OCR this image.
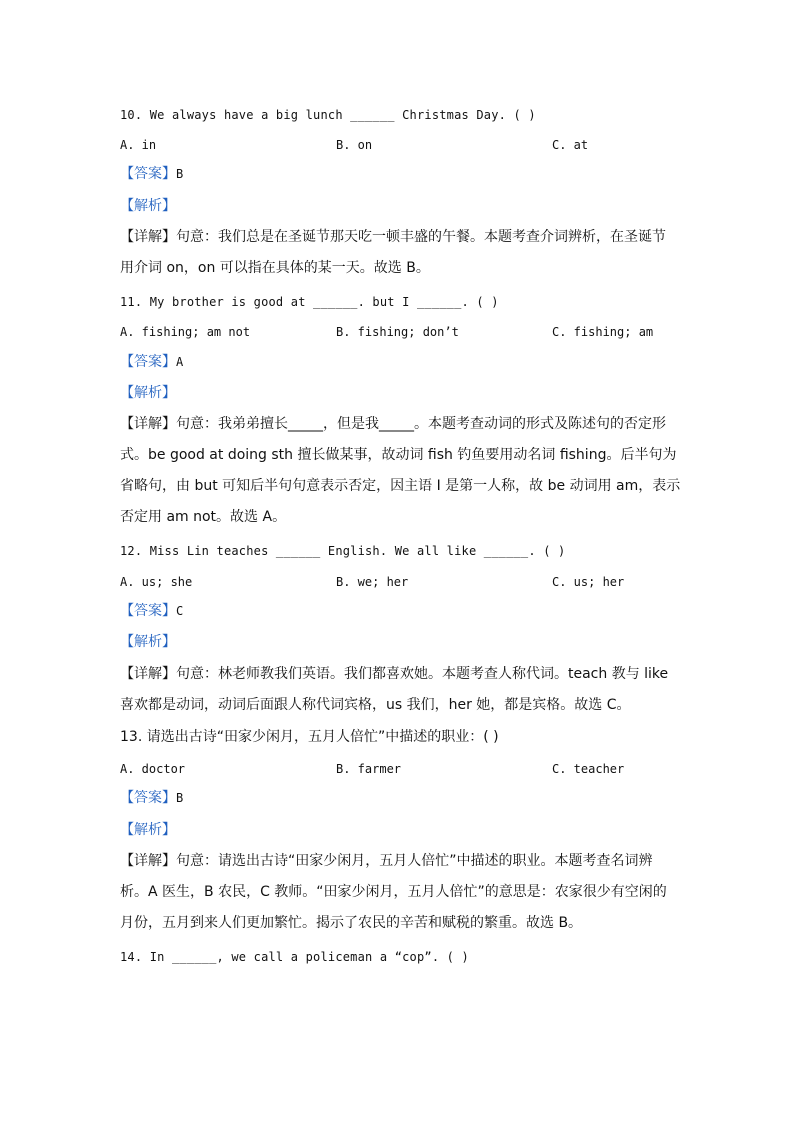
10. We always have a big lunch ______ Christmas Day. ( )
A. in	B. on	C. at
【答案】B
【解析】
【详解】句意：我们总是在圣诞节那天吃一顿丰盛的午餐。本题考查介词辨析，在圣诞节
用介词 on，on 可以指在具体的某一天。故选 B。
11. My brother is good at ______. but I ______. ( )
A. fishing; am not	B. fishing; don’t	C. fishing; am
【答案】A
【解析】
【详解】句意：我弟弟擅长_____，但是我_____。本题考查动词的形式及陈述句的否定形
式。be good at doing sth 擅长做某事，故动词 fish 钓鱼要用动名词 fishing。后半句为
省略句，由 but 可知后半句句意表示否定，因主语 I 是第一人称，故 be 动词用 am，表示
否定用 am not。故选 A。
12. Miss Lin teaches ______ English. We all like ______. ( )
A. us; she	B. we; her	C. us; her
【答案】C
【解析】
【详解】句意：林老师教我们英语。我们都喜欢她。本题考查人称代词。teach 教与 like
喜欢都是动词，动词后面跟人称代词宾格，us 我们，her 她，都是宾格。故选 C。
13. 请选出古诗“田家少闲月，五月人倍忙”中描述的职业：( )
A. doctor	B. farmer	C. teacher
【答案】B
【解析】
【详解】句意：请选出古诗“田家少闲月，五月人倍忙”中描述的职业。本题考查名词辨
析。A 医生，B 农民，C 教师。“田家少闲月，五月人倍忙”的意思是：农家很少有空闲的
月份，五月到来人们更加繁忙。揭示了农民的辛苦和赋税的繁重。故选 B。
14. In ______, we call a policeman a “cop”. ( )
